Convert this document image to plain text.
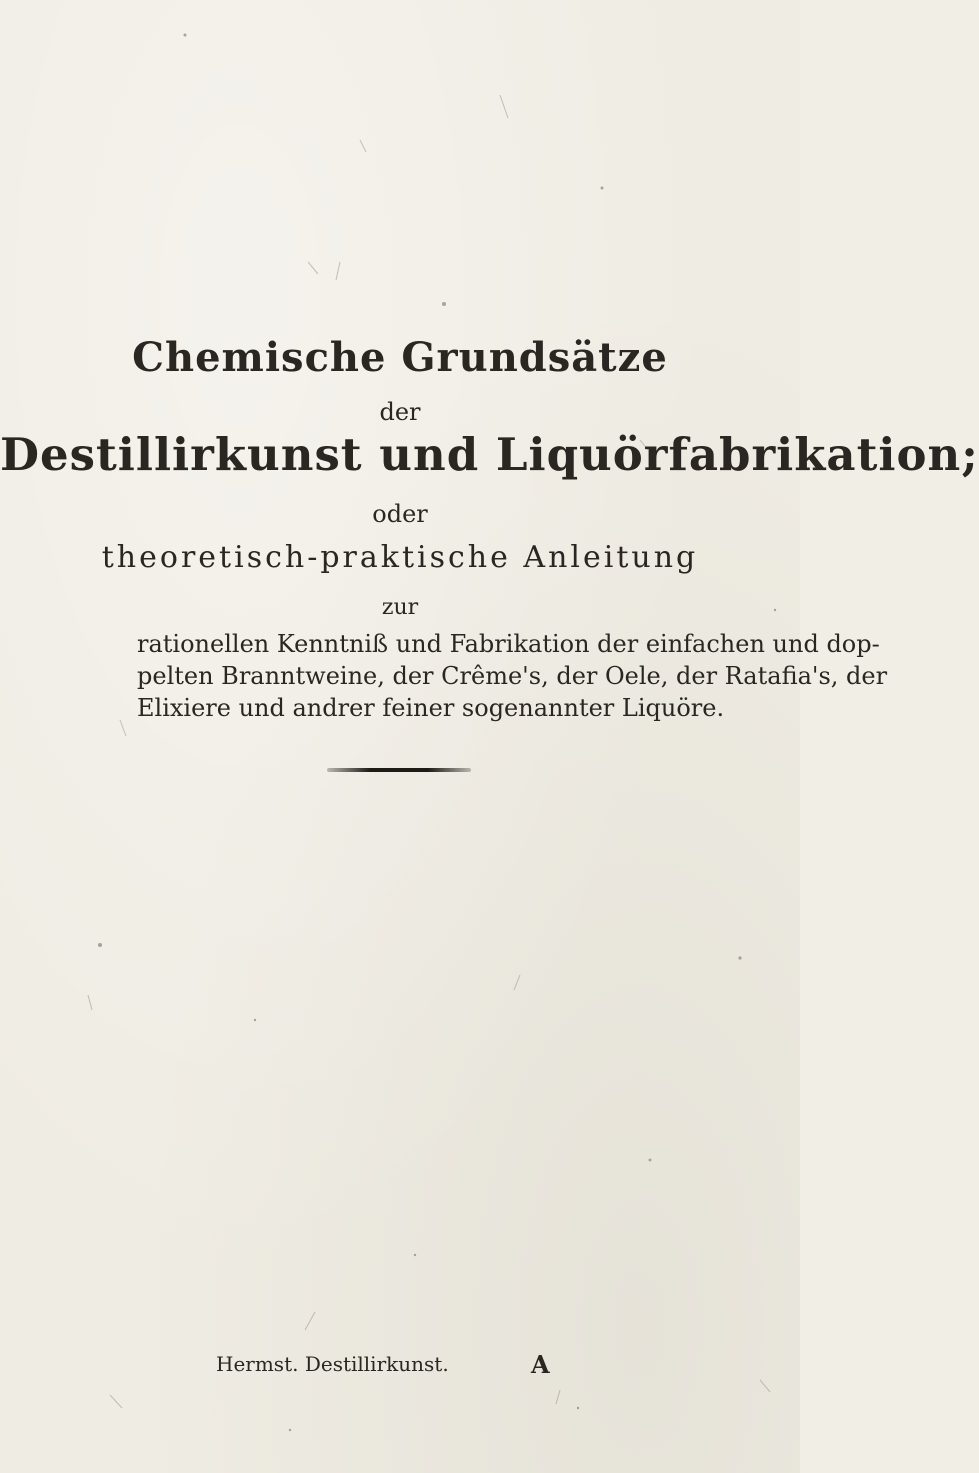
Chemische Grundsätze
der
Destillirkunst und Liquörfabrikation;
oder
theoretisch-praktische Anleitung
zur
rationellen Kenntniß und Fabrikation der einfachen und dop-
pelten Branntweine, der Crême's, der Oele, der Ratafia's, der
Elixiere und andrer feiner sogenannter Liquöre.
Hermst. Destillirkunst.	A
